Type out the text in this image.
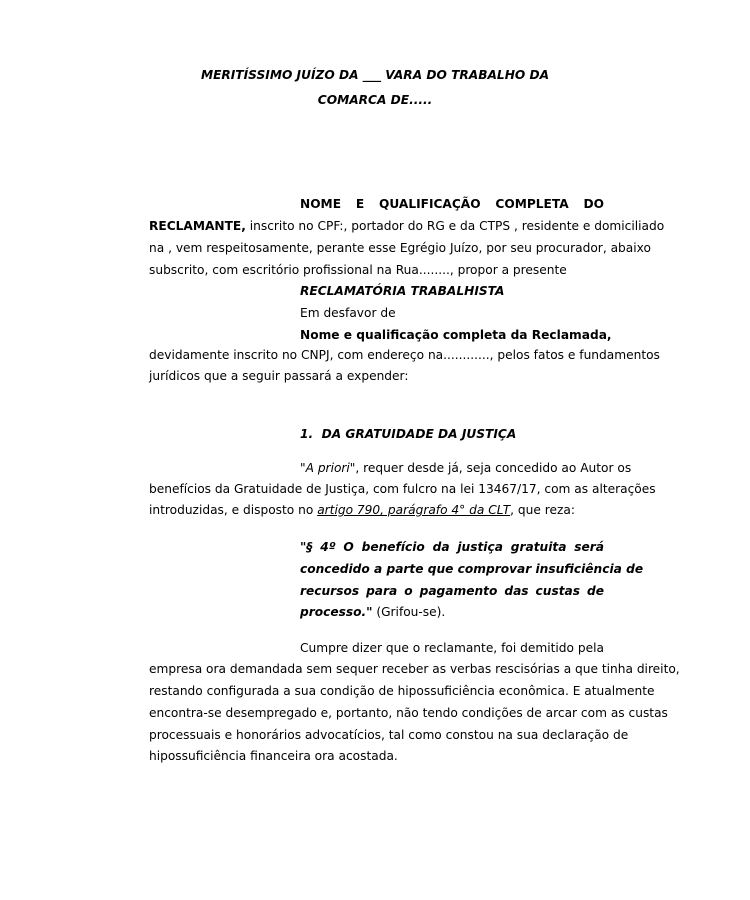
MERITÍSSIMO JUÍZO DA ___ VARA DO TRABALHO DA

COMARCA DE.....

NOME E QUALIFICAÇÃO COMPLETA DO

RECLAMANTE, inscrito no CPF:, portador do RG e da CTPS , residente e domiciliado

na , vem respeitosamente, perante esse Egrégio Juízo, por seu procurador, abaixo

subscrito, com escritório profissional na Rua........, propor a presente

RECLAMATÓRIA TRABALHISTA

Em desfavor de

Nome e qualificação completa da Reclamada,

devidamente inscrito no CNPJ, com endereço na............, pelos fatos e fundamentos

jurídicos que a seguir passará a expender:

1. DA GRATUIDADE DA JUSTIÇA

"A priori", requer desde já, seja concedido ao Autor os

benefícios da Gratuidade de Justiça, com fulcro na lei 13467/17, com as alterações

introduzidas, e disposto no artigo 790, parágrafo 4° da CLT, que reza:

"§ 4º O benefício da justiça gratuita será

concedido a parte que comprovar insuficiência de

recursos para o pagamento das custas de

processo." (Grifou-se).

Cumpre dizer que o reclamante, foi demitido pela

empresa ora demandada sem sequer receber as verbas rescisórias a que tinha direito,

restando configurada a sua condição de hipossuficiência econômica. E atualmente

encontra-se desempregado e, portanto, não tendo condições de arcar com as custas

processuais e honorários advocatícios, tal como constou na sua declaração de

hipossuficiência financeira ora acostada.
